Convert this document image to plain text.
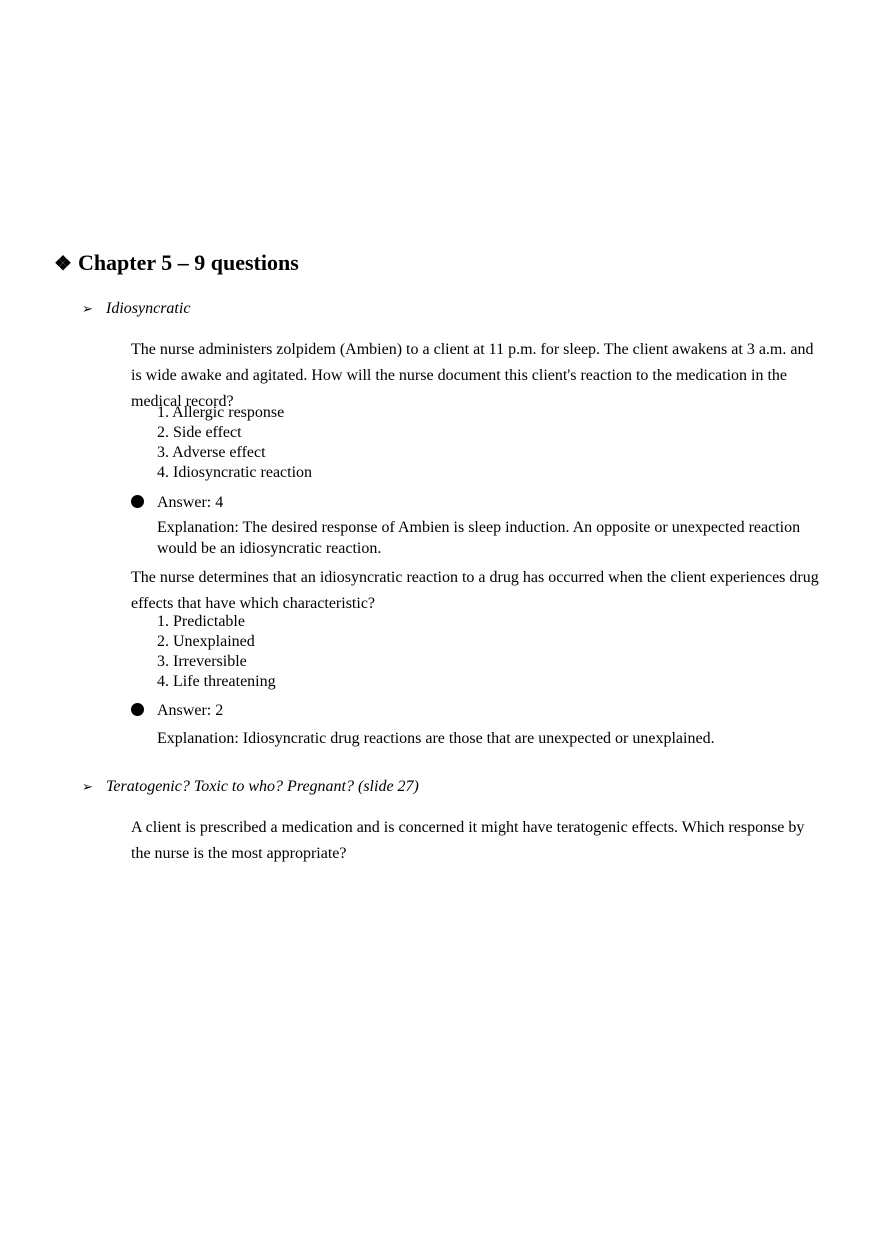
❖ Chapter 5 – 9 questions
➢ Idiosyncratic
The nurse administers zolpidem (Ambien) to a client at 11 p.m. for sleep. The client awakens at 3 a.m. and is wide awake and agitated. How will the nurse document this client's reaction to the medication in the medical record?
1. Allergic response
2. Side effect
3. Adverse effect
4. Idiosyncratic reaction
Answer: 4
Explanation: The desired response of Ambien is sleep induction. An opposite or unexpected reaction would be an idiosyncratic reaction.
The nurse determines that an idiosyncratic reaction to a drug has occurred when the client experiences drug effects that have which characteristic?
1. Predictable
2. Unexplained
3. Irreversible
4. Life threatening
Answer: 2
Explanation: Idiosyncratic drug reactions are those that are unexpected or unexplained.
➢ Teratogenic? Toxic to who? Pregnant? (slide 27)
A client is prescribed a medication and is concerned it might have teratogenic effects. Which response by the nurse is the most appropriate?
